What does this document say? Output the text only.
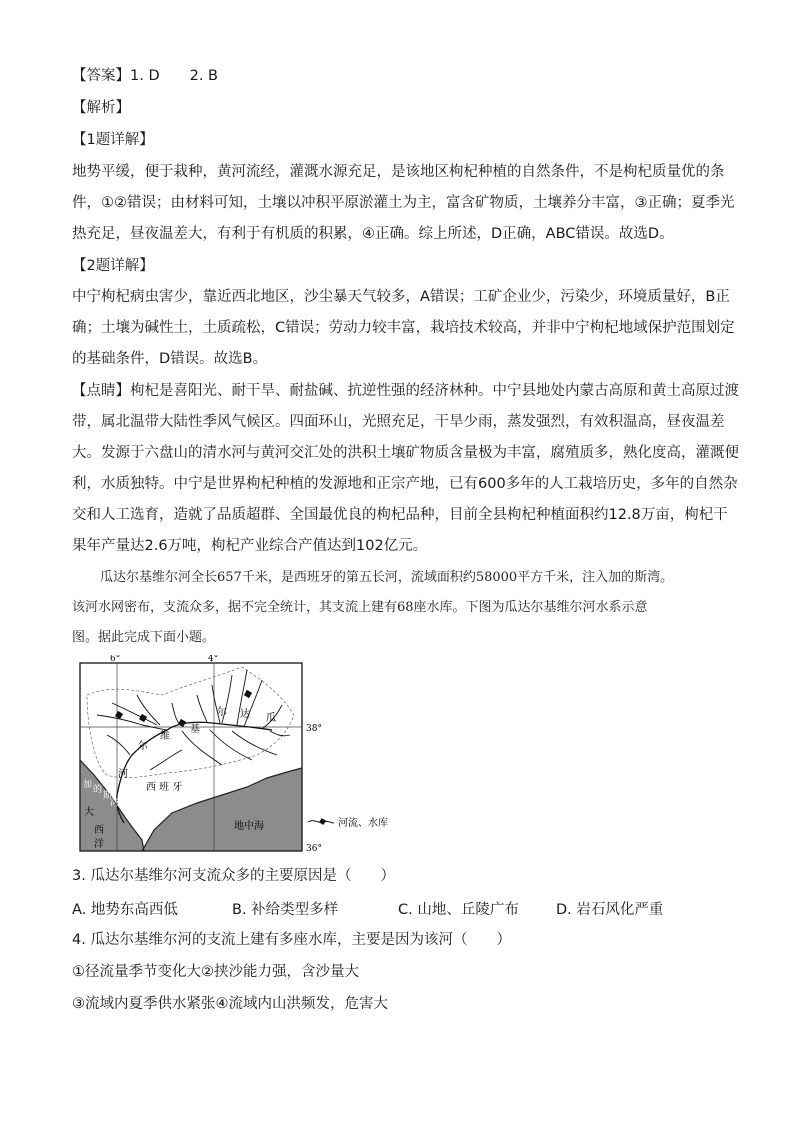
【答案】1. D 2. B
【解析】
【1题详解】
地势平缓，便于栽种，黄河流经，灌溉水源充足，是该地区枸杞种植的自然条件，不是枸杞质量优的条
件，①②错误；由材料可知，土壤以冲积平原淤灌土为主，富含矿物质，土壤养分丰富，③正确；夏季光
热充足，昼夜温差大，有利于有机质的积累，④正确。综上所述，D正确，ABC错误。故选D。
【2题详解】
中宁枸杞病虫害少，靠近西北地区，沙尘暴天气较多，A错误；工矿企业少，污染少，环境质量好，B正
确；土壤为碱性土，土质疏松，C错误；劳动力较丰富，栽培技术较高，并非中宁枸杞地域保护范围划定
的基础条件，D错误。故选B。
【点睛】枸杞是喜阳光、耐干旱、耐盐碱、抗逆性强的经济林种。中宁县地处内蒙古高原和黄土高原过渡
带，属北温带大陆性季风气候区。四面环山，光照充足，干旱少雨，蒸发强烈，有效积温高，昼夜温差
大。发源于六盘山的清水河与黄河交汇处的洪积土壤矿物质含量极为丰富，腐殖质多，熟化度高，灌溉便
利，水质独特。中宁是世界枸杞种植的发源地和正宗产地，已有600多年的人工栽培历史，多年的自然杂
交和人工选育，造就了品质超群、全国最优良的枸杞品种，目前全县枸杞种植面积约12.8万亩，枸杞干
果年产量达2.6万吨，枸杞产业综合产值达到102亿元。
瓜达尔基维尔河全长657千米，是西班牙的第五长河，流域面积约58000平方千米，注入加的斯湾。
该河水网密布，支流众多，据不完全统计，其支流上建有68座水库。下图为瓜达尔基维尔河水系示意
图。据此完成下面小题。
6°	4°
38°
36°
瓜
达
尔
基
维
尔
河
西 班 牙
加 的
斯
湾
大
西
洋
地中海	河流、水库
3. 瓜达尔基维尔河支流众多的主要原因是（　　）
A. 地势东高西低	B. 补给类型多样	C. 山地、丘陵广布	D. 岩石风化严重
4. 瓜达尔基维尔河的支流上建有多座水库，主要是因为该河（　　）
①径流量季节变化大②挟沙能力强，含沙量大
③流域内夏季供水紧张④流域内山洪频发，危害大
